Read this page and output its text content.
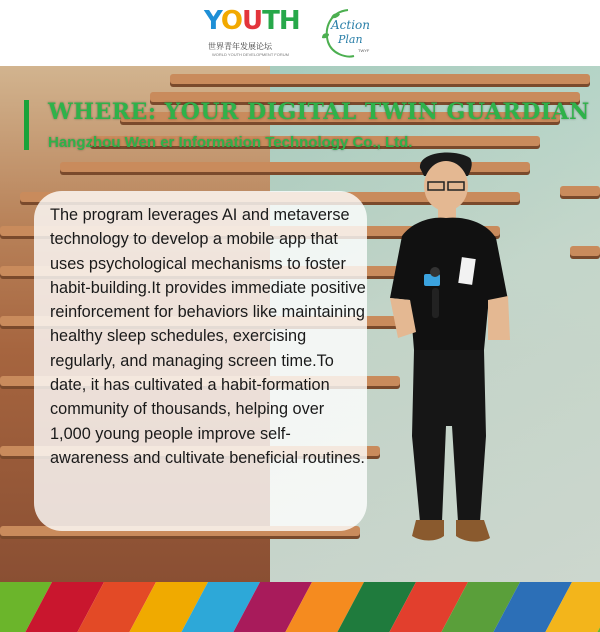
YOUTH
世界青年发展论坛
WORLD YOUTH DEVELOPMENT FORUM
Action
Plan
TWYF
WHERE: YOUR DIGITAL TWIN GUARDIAN
Hangzhou Wen er Information Technology Co., Ltd.

The program leverages AI and metaverse technology to develop a mobile app that uses psychological mechanisms to foster habit-building.It provides immediate positive reinforcement for behaviors like maintaining healthy sleep schedules, exercising regularly, and managing screen time.To date, it has cultivated a habit-formation community of thousands, helping over 1,000 young people improve self-awareness and cultivate beneficial routines.
